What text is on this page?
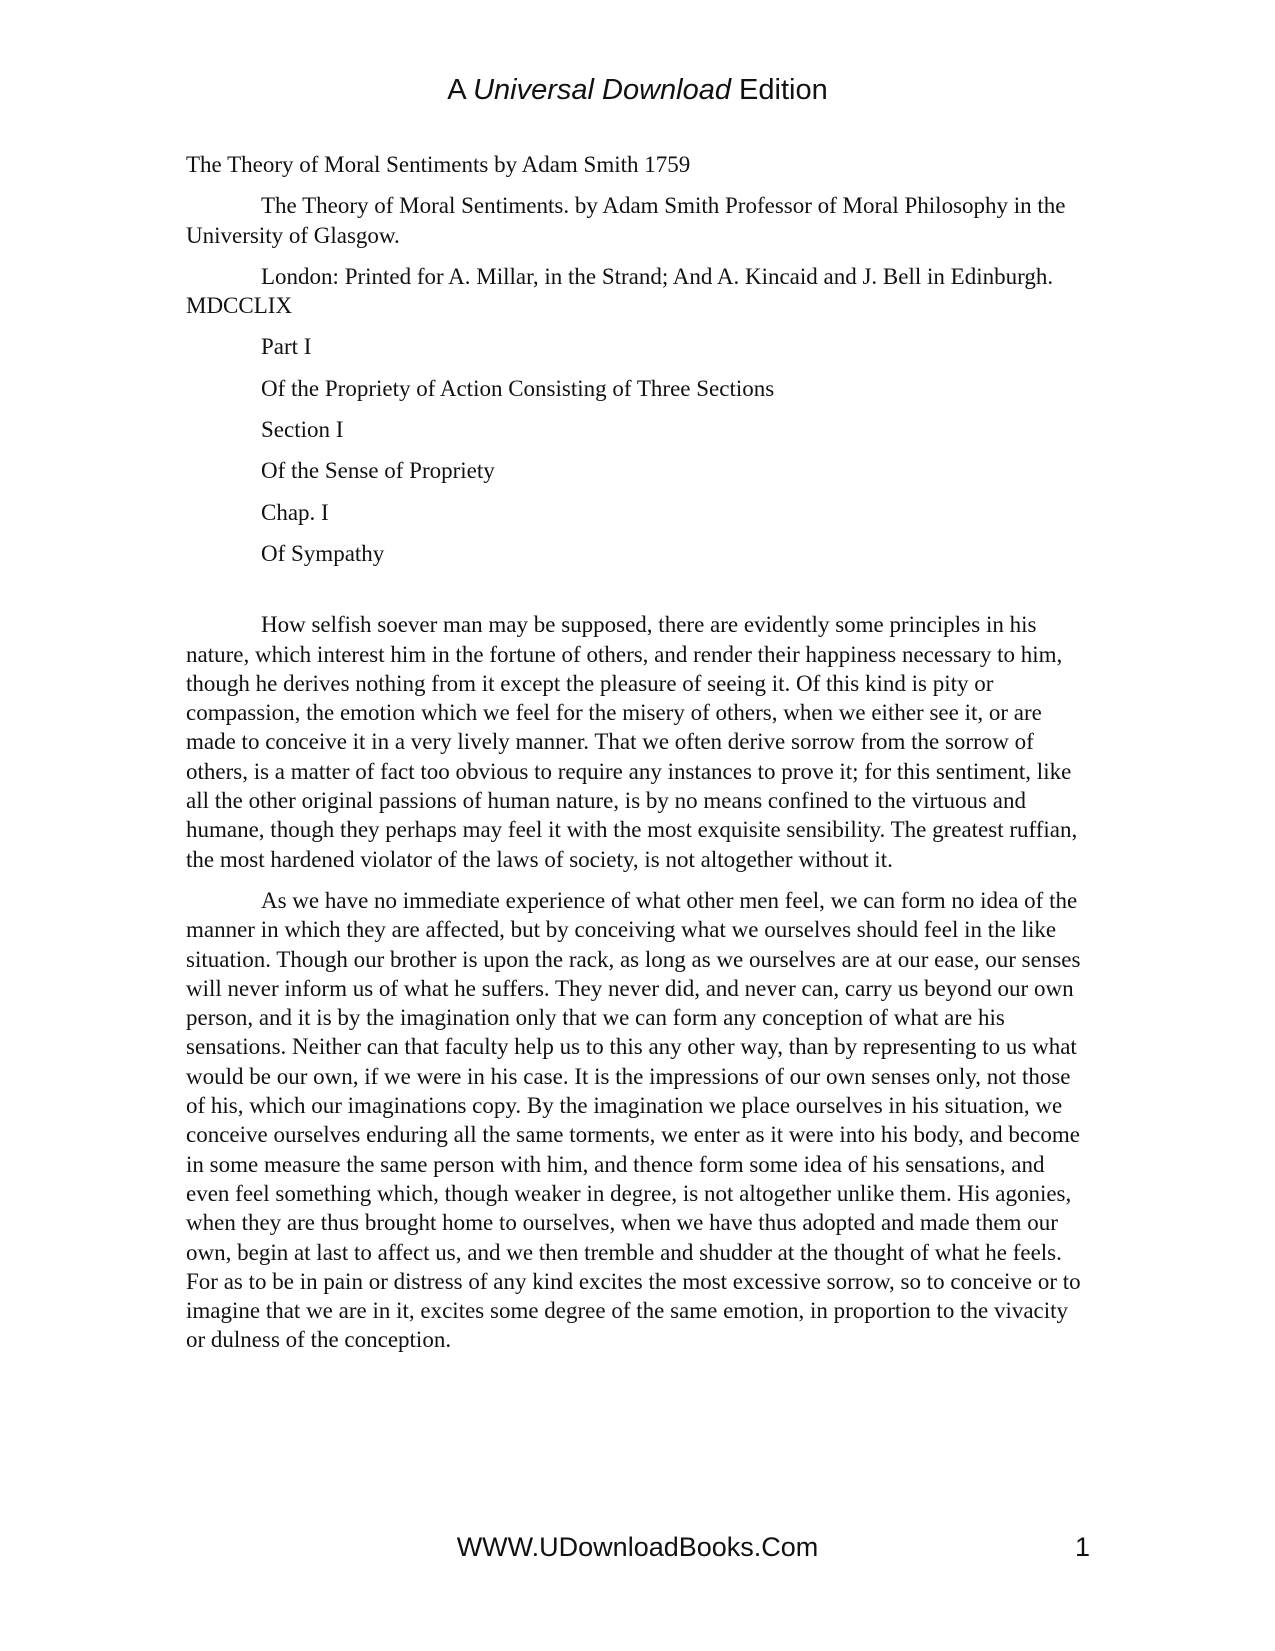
A Universal Download Edition

The Theory of Moral Sentiments by Adam Smith 1759

The Theory of Moral Sentiments. by Adam Smith Professor of Moral Philosophy in the University of Glasgow.

London: Printed for A. Millar, in the Strand; And A. Kincaid and J. Bell in Edinburgh. MDCCLIX

Part I

Of the Propriety of Action Consisting of Three Sections

Section I

Of the Sense of Propriety

Chap. I

Of Sympathy

How selfish soever man may be supposed, there are evidently some principles in his nature, which interest him in the fortune of others, and render their happiness necessary to him, though he derives nothing from it except the pleasure of seeing it. Of this kind is pity or compassion, the emotion which we feel for the misery of others, when we either see it, or are made to conceive it in a very lively manner. That we often derive sorrow from the sorrow of others, is a matter of fact too obvious to require any instances to prove it; for this sentiment, like all the other original passions of human nature, is by no means confined to the virtuous and humane, though they perhaps may feel it with the most exquisite sensibility. The greatest ruffian, the most hardened violator of the laws of society, is not altogether without it.

As we have no immediate experience of what other men feel, we can form no idea of the manner in which they are affected, but by conceiving what we ourselves should feel in the like situation. Though our brother is upon the rack, as long as we ourselves are at our ease, our senses will never inform us of what he suffers. They never did, and never can, carry us beyond our own person, and it is by the imagination only that we can form any conception of what are his sensations. Neither can that faculty help us to this any other way, than by representing to us what would be our own, if we were in his case. It is the impressions of our own senses only, not those of his, which our imaginations copy. By the imagination we place ourselves in his situation, we conceive ourselves enduring all the same torments, we enter as it were into his body, and become in some measure the same person with him, and thence form some idea of his sensations, and even feel something which, though weaker in degree, is not altogether unlike them. His agonies, when they are thus brought home to ourselves, when we have thus adopted and made them our own, begin at last to affect us, and we then tremble and shudder at the thought of what he feels. For as to be in pain or distress of any kind excites the most excessive sorrow, so to conceive or to imagine that we are in it, excites some degree of the same emotion, in proportion to the vivacity or dulness of the conception.

WWW.UDownloadBooks.Com	1
